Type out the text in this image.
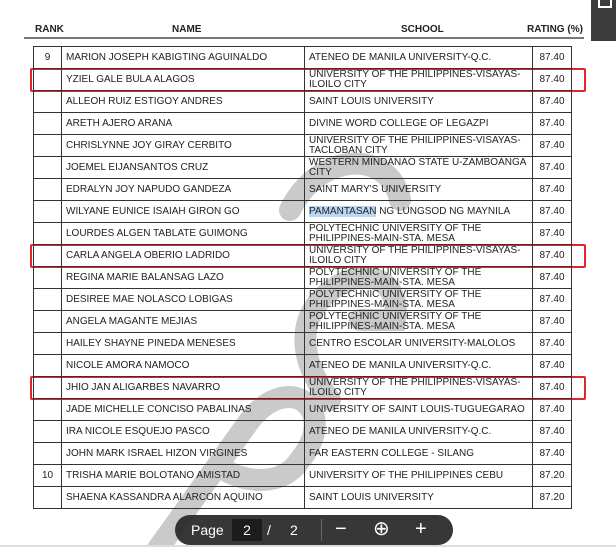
RANK	NAME	SCHOOL	RATING (%)
9	MARION JOSEPH KABIGTING AGUINALDO	ATENEO DE MANILA UNIVERSITY-Q.C.	87.40
	YZIEL GALE BULA ALAGOS	UNIVERSITY OF THE PHILIPPINES-VISAYAS-ILOILO CITY	87.40
	ALLEOH RUIZ ESTIGOY ANDRES	SAINT LOUIS UNIVERSITY	87.40
	ARETH AJERO ARANA	DIVINE WORD COLLEGE OF LEGAZPI	87.40
	CHRISLYNNE JOY GIRAY CERBITO	UNIVERSITY OF THE PHILIPPINES-VISAYAS-TACLOBAN CITY	87.40
	JOEMEL EIJANSANTOS CRUZ	WESTERN MINDANAO STATE U-ZAMBOANGA CITY	87.40
	EDRALYN JOY NAPUDO GANDEZA	SAINT MARY'S UNIVERSITY	87.40
	WILYANE EUNICE ISAIAH GIRON GO	PAMANTASAN NG LUNGSOD NG MAYNILA	87.40
	LOURDES ALGEN TABLATE GUIMONG	POLYTECHNIC UNIVERSITY OF THE PHILIPPINES-MAIN-STA. MESA	87.40
	CARLA ANGELA OBERIO LADRIDO	UNIVERSITY OF THE PHILIPPINES-VISAYAS-ILOILO CITY	87.40
	REGINA MARIE BALANSAG LAZO	POLYTECHNIC UNIVERSITY OF THE PHILIPPINES-MAIN-STA. MESA	87.40
	DESIREE MAE NOLASCO LOBIGAS	POLYTECHNIC UNIVERSITY OF THE PHILIPPINES-MAIN-STA. MESA	87.40
	ANGELA MAGANTE MEJIAS	POLYTECHNIC UNIVERSITY OF THE PHILIPPINES-MAIN-STA. MESA	87.40
	HAILEY SHAYNE PINEDA MENESES	CENTRO ESCOLAR UNIVERSITY-MALOLOS	87.40
	NICOLE AMORA NAMOCO	ATENEO DE MANILA UNIVERSITY-Q.C.	87.40
	JHIO JAN ALIGARBES NAVARRO	UNIVERSITY OF THE PHILIPPINES-VISAYAS-ILOILO CITY	87.40
	JADE MICHELLE CONCISO PABALINAS	UNIVERSITY OF SAINT LOUIS-TUGUEGARAO	87.40
	IRA NICOLE ESQUEJO PASCO	ATENEO DE MANILA UNIVERSITY-Q.C.	87.40
	JOHN MARK ISRAEL HIZON VIRGINES	FAR EASTERN COLLEGE - SILANG	87.40
10	TRISHA MARIE BOLOTANO AMISTAD	UNIVERSITY OF THE PHILIPPINES CEBU	87.20
	SHAENA KASSANDRA ALARCON AQUINO	SAINT LOUIS UNIVERSITY	87.20
Page	2	/ 2 − ⊕ +
